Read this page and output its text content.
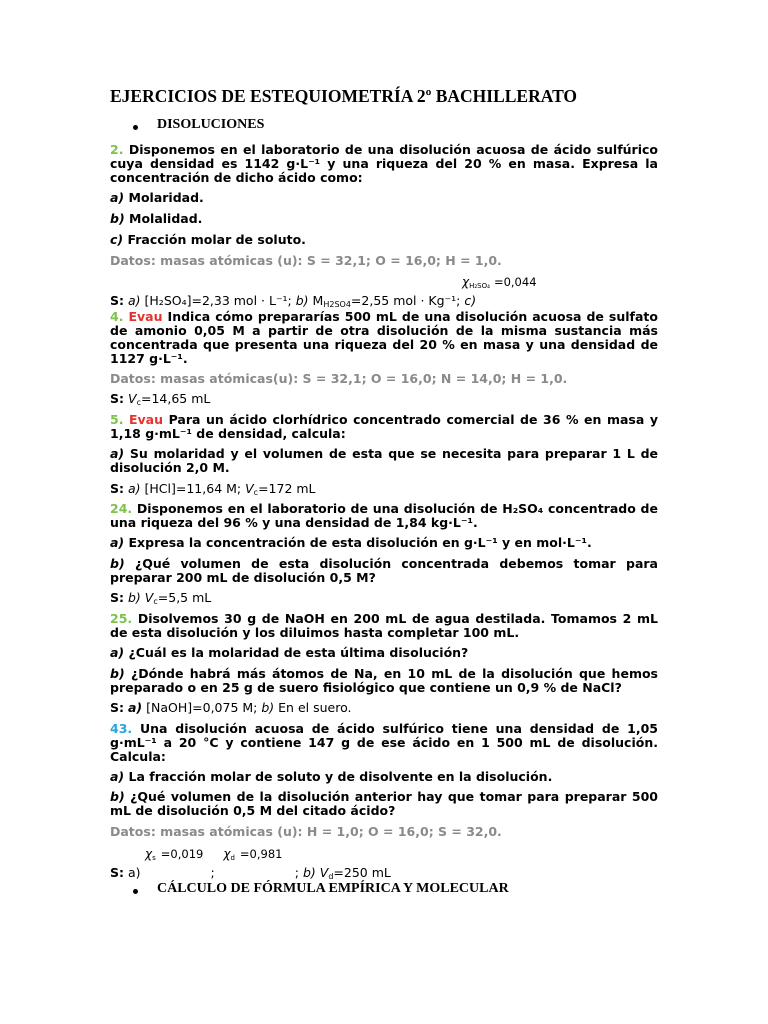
EJERCICIOS DE ESTEQUIOMETRÍA 2º BACHILLERATO
DISOLUCIONES

2. Disponemos en el laboratorio de una disolución acuosa de ácido sulfúrico cuya densidad es 1142 g·L⁻¹ y una riqueza del 20 % en masa. Expresa la concentración de dicho ácido como:

a) Molaridad.

b) Molalidad.

c) Fracción molar de soluto.

Datos: masas atómicas (u): S = 32,1; O = 16,0; H = 1,0.

χH₂SO₄ =0,044

S: a) [H₂SO₄]=2,33 mol · L⁻¹; b) $M_{H2SO4}=2,55$ mol · Kg⁻¹; c)

4. Evau Indica cómo prepararías 500 mL de una disolución acuosa de sulfato de amonio 0,05 M a partir de otra disolución de la misma sustancia más concentrada que presenta una riqueza del 20 % en masa y una densidad de 1127 g·L⁻¹.

Datos: masas atómicas(u): S = 32,1; O = 16,0; N = 14,0; H = 1,0.

S: $V_c=14,65$ mL

5. Evau Para un ácido clorhídrico concentrado comercial de 36 % en masa y 1,18 g·mL⁻¹ de densidad, calcula:

a) Su molaridad y el volumen de esta que se necesita para preparar 1 L de disolución 2,0 M.

S: a) [HCl]=11,64 M; $V_c=172$ mL

24. Disponemos en el laboratorio de una disolución de H₂SO₄ concentrado de una riqueza del 96 % y una densidad de 1,84 kg·L⁻¹.

a) Expresa la concentración de esta disolución en g·L⁻¹ y en mol·L⁻¹.

b) ¿Qué volumen de esta disolución concentrada debemos tomar para preparar 200 mL de disolución 0,5 M?

S: b) $V_c=5,5$ mL

25. Disolvemos 30 g de NaOH en 200 mL de agua destilada. Tomamos 2 mL de esta disolución y los diluimos hasta completar 100 mL.

a) ¿Cuál es la molaridad de esta última disolución?

b) ¿Dónde habrá más átomos de Na, en 10 mL de la disolución que hemos preparado o en 25 g de suero fisiológico que contiene un 0,9 % de NaCl?

S: a) [NaOH]=0,075 M; b) En el suero.

43. Una disolución acuosa de ácido sulfúrico tiene una densidad de 1,05 g·mL⁻¹ a 20 °C y contiene 147 g de ese ácido en 1 500 mL de disolución. Calcula:

a) La fracción molar de soluto y de disolvente en la disolución.

b) ¿Qué volumen de la disolución anterior hay que tomar para preparar 500 mL de disolución 0,5 M del citado ácido?

Datos: masas atómicas (u): H = 1,0; O = 16,0; S = 32,0.

χs =0,019 χd =0,981

S: a)	;	; b) $V_d=250$ mL

CÁLCULO DE FÓRMULA EMPÍRICA Y MOLECULAR
